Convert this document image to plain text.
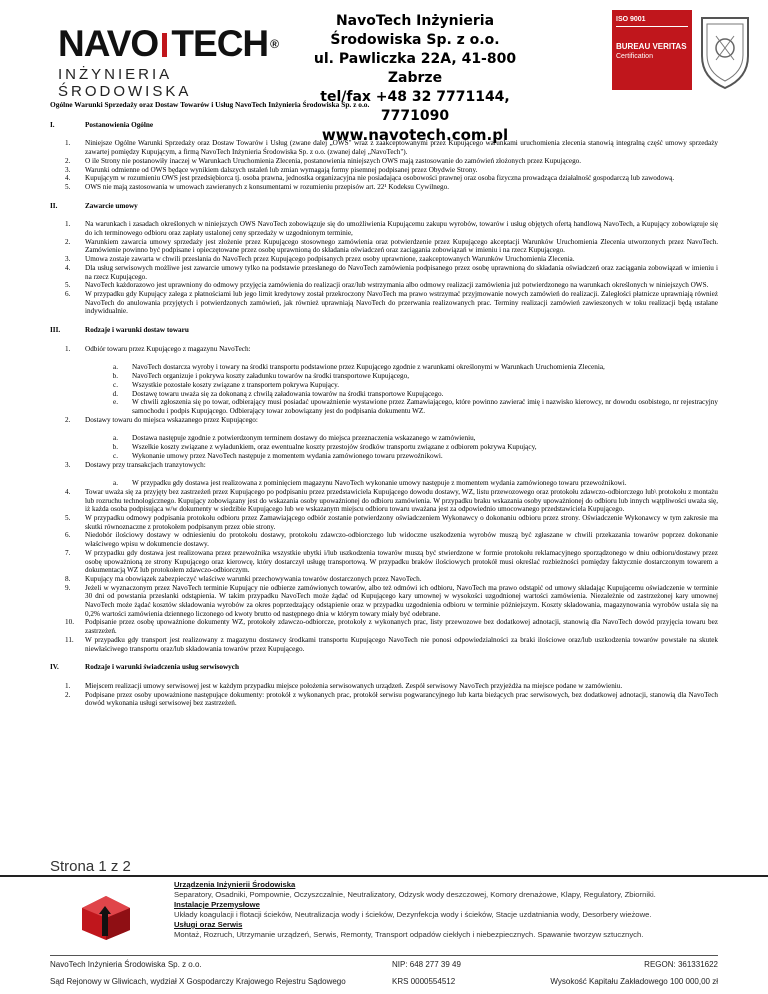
NAVO TECH ®
INŻYNIERIA ŚRODOWISKA
NavoTech Inżynieria Środowiska Sp. z o.o.
ul. Pawliczka 22A, 41-800 Zabrze
tel/fax +48 32 7771144, 7771090
www.navotech.com.pl
ISO 9001
BUREAU VERITAS
Certification
Ogólne Warunki Sprzedaży oraz Dostaw Towarów i Usług NavoTech Inżynieria Środowiska Sp. z o.o.
I.	Postanowienia Ogólne
1.	Niniejsze Ogólne Warunki Sprzedaży oraz Dostaw Towarów i Usług (zwane dalej „OWS" wraz z zaakceptowanymi przez Kupującego warunkami uruchomienia zlecenia stanowią integralną część umowy sprzedaży zawartej pomiędzy Kupującym, a firmą NavoTech Inżynieria Środowiska Sp. z o.o. (zwanej dalej „NavoTech").
2.	O ile Strony nie postanowiły inaczej w Warunkach Uruchomienia Zlecenia, postanowienia niniejszych OWS mają zastosowanie do zamówień złożonych przez Kupującego.
3.	Warunki odmienne od OWS będące wynikiem dalszych ustaleń lub zmian wymagają formy pisemnej podpisanej przez Obydwie Strony.
4.	Kupującym w rozumieniu OWS jest przedsiębiorca tj. osoba prawna, jednostka organizacyjna nie posiadająca osobowości prawnej oraz osoba fizyczna prowadząca działalność gospodarczą lub zawodową.
5.	OWS nie mają zastosowania w umowach zawieranych z konsumentami w rozumieniu przepisów art. 22¹ Kodeksu Cywilnego.
II.	Zawarcie umowy
1.	Na warunkach i zasadach określonych w niniejszych OWS NavoTech zobowiązuje się do umożliwienia Kupującemu zakupu wyrobów, towarów i usług objętych ofertą handlową NavoTech, a Kupujący zobowiązuje się do ich terminowego odbioru oraz zapłaty ustalonej ceny sprzedaży w uzgodnionym terminie,
2.	Warunkiem zawarcia umowy sprzedaży jest złożenie przez Kupującego stosownego zamówienia oraz potwierdzenie przez Kupującego akceptacji Warunków Uruchomienia Zlecenia utworzonych przez NavoTech. Zamówienie powinno być podpisane i opieczętowane przez osobę uprawnioną do składania oświadczeń oraz zaciągania zobowiązań w imieniu i na rzecz Kupującego.
3.	Umowa zostaje zawarta w chwili przesłania do NavoTech przez Kupującego podpisanych przez osoby uprawnione, zaakceptowanych Warunków Uruchomienia Zlecenia.
4.	Dla usług serwisowych możliwe jest zawarcie umowy tylko na podstawie przesłanego do NavoTech zamówienia podpisanego przez osobę uprawnioną do składania oświadczeń oraz zaciągania zobowiązań w imieniu i na rzecz Kupującego.
5.	NavoTech każdorazowo jest uprawniony do odmowy przyjęcia zamówienia do realizacji oraz/lub wstrzymania albo odmowy realizacji zamówienia już potwierdzonego na warunkach określonych w niniejszych OWS.
6.	W przypadku gdy Kupujący zalega z płatnościami lub jego limit kredytowy został przekroczony NavoTech ma prawo wstrzymać przyjmowanie nowych zamówień do realizacji. Zaległości płatnicze uprawniają również NavoTech do anulowania przyjętych i potwierdzonych zamówień, jak również uprawniają NavoTech do przerwania realizowanych prac. Terminy realizacji zamówień zawieszonych w toku realizacji będą ustalane indywidualnie.
III.	Rodzaje i warunki dostaw towaru
1.	Odbiór towaru przez Kupującego z magazynu NavoTech:
a.	NavoTech dostarcza wyroby i towary na środki transportu podstawione przez Kupującego zgodnie z warunkami określonymi w Warunkach Uruchomienia Zlecenia,
b.	NavoTech organizuje i pokrywa koszty załadunku towarów na środki transportowe Kupującego,
c.	Wszystkie pozostałe koszty związane z transportem pokrywa Kupujący.
d.	Dostawę towaru uważa się za dokonaną z chwilą załadowania towarów na środki transportowe Kupującego.
e.	W chwili zgłoszenia się po towar, odbierający musi posiadać upoważnienie wystawione przez Zamawiającego, które powinno zawierać imię i nazwisko kierowcy, nr dowodu osobistego, nr rejestracyjny samochodu i podpis Kupującego. Odbierający towar zobowiązany jest do podpisania dokumentu WZ.
2.	Dostawy towaru do miejsca wskazanego przez Kupującego:
a.	Dostawa następuje zgodnie z potwierdzonym terminem dostawy do miejsca przeznaczenia wskazanego w zamówieniu,
b.	Wszelkie koszty związane z wyładunkiem, oraz ewentualne koszty przestojów środków transportu związane z odbiorem pokrywa Kupujący,
c.	Wykonanie umowy przez NavoTech następuje z momentem wydania zamówionego towaru przewoźnikowi.
3.	Dostawy przy transakcjach tranzytowych:
a.	W przypadku gdy dostawa jest realizowana z pominięciem magazynu NavoTech wykonanie umowy następuje z momentem wydania zamówionego towaru przewoźnikowi.
4.	Towar uważa się za przyjęty bez zastrzeżeń przez Kupującego po podpisaniu przez przedstawiciela Kupującego dowodu dostawy, WZ, listu przewozowego oraz protokołu zdawczo-odbiorczego lub\ protokołu z montażu lub rozruchu technologicznego. Kupujący zobowiązany jest do wskazania osoby upoważnionej do odbioru zamówienia. W przypadku braku wskazania osoby upoważnionej do odbioru lub innych wątpliwości uważa się, iż każda osoba podpisująca w/w dokumenty w siedzibie Kupującego lub we wskazanym miejscu odbioru towaru uważana jest za odpowiednio umocowanego przedstawiciela Kupującego.
5.	W przypadku odmowy podpisania protokołu odbioru przez Zamawiającego odbiór zostanie potwierdzony oświadczeniem Wykonawcy o dokonaniu odbioru przez strony. Oświadczenie Wykonawcy w tym zakresie ma skutki równoznaczne z protokołem podpisanym przez obie strony.
6.	Niedobór ilościowy dostawy w odniesieniu do protokołu dostawy, protokołu zdawczo-odbiorczego lub widoczne uszkodzenia wyrobów muszą być zgłaszane w chwili przekazania towarów poprzez dokonanie właściwego wpisu w dokumencie dostawy.
7.	W przypadku gdy dostawa jest realizowana przez przewoźnika wszystkie ubytki i/lub uszkodzenia towarów muszą być stwierdzone w formie protokołu reklamacyjnego sporządzonego w dniu odbioru/dostawy przez osobę upoważnioną ze strony Kupującego oraz kierowcę, który dostarczył usługę transportową. W przypadku braków ilościowych protokół musi określać rozbieżności pomiędzy faktycznie dostarczonym towarem a dokumentacją WZ lub protokołem zdawczo-odbiorczym.
8.	Kupujący ma obowiązek zabezpieczyć właściwe warunki przechowywania towarów dostarczonych przez NavoTech.
9.	Jeżeli w wyznaczonym przez NavoTech terminie Kupujący nie odbierze zamówionych towarów, albo też odmówi ich odbioru, NavoTech ma prawo odstąpić od umowy składając Kupującemu oświadczenie w terminie 30 dni od powstania przesłanki odstąpienia. W takim przypadku NavoTech może żądać od Kupującego kary umownej w wysokości uzgodnionej wartości zamówienia. Niezależnie od zastrzeżonej kary umownej NavoTech może żądać kosztów składowania wyrobów za okres poprzedzający odstąpienie oraz w przypadku uzgodnienia odbioru w terminie późniejszym. Koszty składowania, magazynowania wyrobów ustala się na 0,2% wartości zamówienia dziennego liczonego od kwoty brutto od następnego dnia w którym towary miały być odebrane.
10.	Podpisanie przez osobę upoważnione dokumenty WZ, protokoły zdawczo-odbiorcze, protokoły z wykonanych prac, listy przewozowe bez dodatkowej adnotacji, stanowią dla NavoTech dowód przyjęcia towaru bez zastrzeżeń.
11.	W przypadku gdy transport jest realizowany z magazynu dostawcy środkami transportu Kupującego NavoTech nie ponosi odpowiedzialności za braki ilościowe oraz/lub uszkodzenia towarów powstałe na skutek niewłaściwego transportu oraz/lub składowania towarów przez Kupującego.
IV.	Rodzaje i warunki świadczenia usług serwisowych
1.	Miejscem realizacji umowy serwisowej jest w każdym przypadku miejsce położenia serwisowanych urządzeń. Zespół serwisowy NavoTech przyjeżdża na miejsce podane w zamówieniu.
2.	Podpisane przez osoby upoważnione następujące dokumenty: protokół z wykonanych prac, protokół serwisu pogwarancyjnego lub karta bieżących prac serwisowych, bez dodatkowej adnotacji, stanowią dla NavoTech dowód wykonania usługi serwisowej bez zastrzeżeń.
Strona 1 z 2
Urządzenia Inżynierii Środowiska
Separatory, Osadniki, Pompownie, Oczyszczalnie, Neutralizatory, Odzysk wody deszczowej, Komory drenażowe, Klapy, Regulatory, Zbiorniki.
Instalacje Przemysłowe
Układy koagulacji i flotacji ścieków, Neutralizacja wody i ścieków, Dezynfekcja wody i ścieków, Stacje uzdatniania wody, Desorbery wieżowe.
Usługi oraz Serwis
Montaż, Rozruch, Utrzymanie urządzeń, Serwis, Remonty, Transport odpadów ciekłych i niebezpiecznych. Spawanie tworzyw sztucznych.
NavoTech Inżynieria Środowiska Sp. z o.o.
Sąd Rejonowy w Gliwicach, wydział X Gospodarczy Krajowego Rejestru Sądowego
NIP: 648 277 39 49
KRS 0000554512
REGON: 361331622
Wysokość Kapitału Zakładowego 100 000,00 zł
